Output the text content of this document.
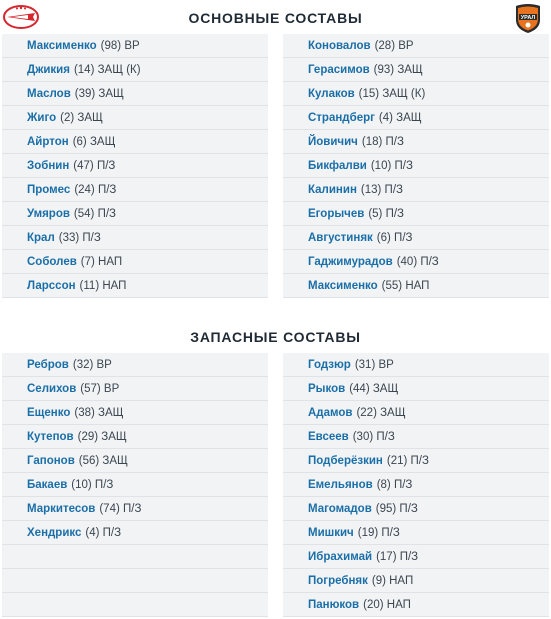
ОСНОВНЫЕ СОСТАВЫ	УРАЛ
Максименко (98) ВР
Джикия (14) ЗАЩ (К)
Маслов (39) ЗАЩ
Жиго (2) ЗАЩ
Айртон (6) ЗАЩ
Зобнин (47) П/З
Промес (24) П/З
Умяров (54) П/З
Крал (33) П/З
Соболев (7) НАП
Ларссон (11) НАП
Коновалов (28) ВР
Герасимов (93) ЗАЩ
Кулаков (15) ЗАЩ (К)
Страндберг (4) ЗАЩ
Йовичич (18) П/З
Бикфалви (10) П/З
Калинин (13) П/З
Егорычев (5) П/З
Августиняк (6) П/З
Гаджимурадов (40) П/З
Максименко (55) НАП
ЗАПАСНЫЕ СОСТАВЫ
Ребров (32) ВР
Селихов (57) ВР
Ещенко (38) ЗАЩ
Кутепов (29) ЗАЩ
Гапонов (56) ЗАЩ
Бакаев (10) П/З
Маркитесов (74) П/З
Хендрикс (4) П/З
Годзюр (31) ВР
Рыков (44) ЗАЩ
Адамов (22) ЗАЩ
Евсеев (30) П/З
Подберёзкин (21) П/З
Емельянов (8) П/З
Магомадов (95) П/З
Мишкич (19) П/З
Ибрахимай (17) П/З
Погребняк (9) НАП
Панюков (20) НАП
